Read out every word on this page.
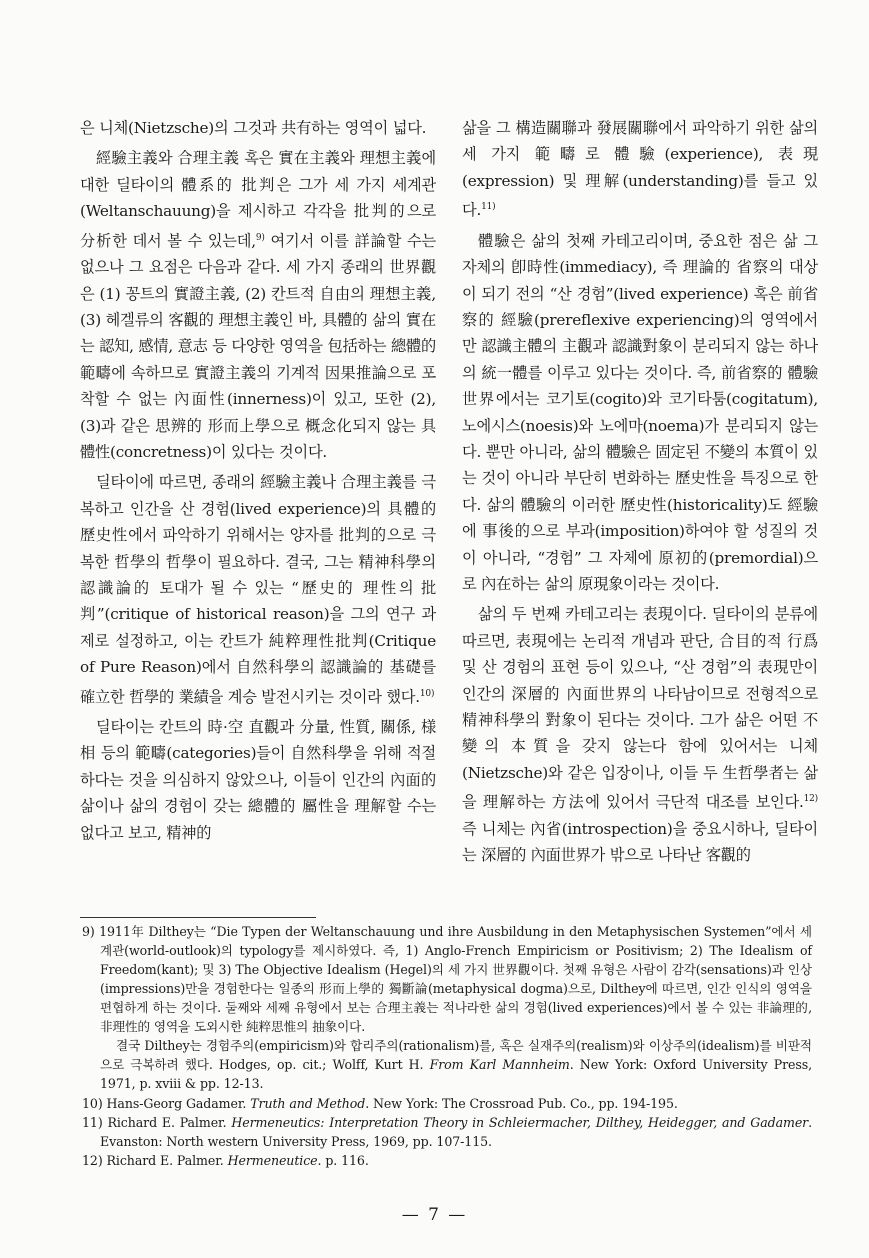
은 니체(Nietzsche)의 그것과 共有하는 영역이 넓다.

經驗主義와 合理主義 혹은 實在主義와 理想主義에 대한 딜타이의 體系的 批判은 그가 세 가지 세계관(Weltanschauung)을 제시하고 각각을 批判的으로 分析한 데서 볼 수 있는데,$^{9)}$ 여기서 이를 詳論할 수는 없으나 그 요점은 다음과 같다. 세 가지 종래의 世界觀은 (1) 꽁트의 實證主義, (2) 칸트적 自由의 理想主義, (3) 헤겔류의 客觀的 理想主義인 바, 具體的 삶의 實在는 認知, 感情, 意志 등 다양한 영역을 包括하는 總體的 範疇에 속하므로 實證主義의 기계적 因果推論으로 포착할 수 없는 內面性(innerness)이 있고, 또한 (2), (3)과 같은 思辨的 形而上學으로 概念化되지 않는 具體性(concretness)이 있다는 것이다.

딜타이에 따르면, 종래의 經驗主義나 合理主義를 극복하고 인간을 산 경험(lived experience)의 具體的 歷史性에서 파악하기 위해서는 양자를 批判的으로 극복한 哲學의 哲學이 필요하다. 결국, 그는 精神科學의 認識論的 토대가 될 수 있는 “歷史的 理性의 批判”(critique of historical reason)을 그의 연구 과제로 설정하고, 이는 칸트가 純粹理性批判(Critique of Pure Reason)에서 自然科學의 認識論的 基礎를 確立한 哲學的 業績을 계승 발전시키는 것이라 했다.$^{10)}$

딜타이는 칸트의 時·空 直觀과 分量, 性質, 關係, 様相 등의 範疇(categories)들이 自然科學을 위해 적절하다는 것을 의심하지 않았으나, 이들이 인간의 內面的 삶이나 삶의 경험이 갖는 總體的 屬性을 理解할 수는 없다고 보고, 精神的

삶을 그 構造關聯과 發展關聯에서 파악하기 위한 삶의 세 가지 範疇로 體驗(experience), 表現(expression) 및 理解(understanding)를 들고 있다.$^{11)}$

體驗은 삶의 첫째 카테고리이며, 중요한 점은 삶 그 자체의 卽時性(immediacy), 즉 理論的 省察의 대상이 되기 전의 “산 경험”(lived experience) 혹은 前省察的 經驗(prereflexive experiencing)의 영역에서만 認識主體의 主觀과 認識對象이 분리되지 않는 하나의 統一體를 이루고 있다는 것이다. 즉, 前省察的 體驗世界에서는 코기토(cogito)와 코기타툼(cogitatum), 노에시스(noesis)와 노에마(noema)가 분리되지 않는다. 뿐만 아니라, 삶의 體驗은 固定된 不變의 本質이 있는 것이 아니라 부단히 변화하는 歷史性을 특징으로 한다. 삶의 體驗의 이러한 歷史性(historicality)도 經驗에 事後的으로 부과(imposition)하여야 할 성질의 것이 아니라, “경험” 그 자체에 原初的(premordial)으로 內在하는 삶의 原現象이라는 것이다.

삶의 두 번째 카테고리는 表現이다. 딜타이의 분류에 따르면, 表現에는 논리적 개념과 판단, 合目的적 行爲 및 산 경험의 표현 등이 있으나, “산 경험”의 表現만이 인간의 深層的 內面世界의 나타남이므로 전형적으로 精神科學의 對象이 된다는 것이다. 그가 삶은 어떤 不變의 本質을 갖지 않는다 함에 있어서는 니체(Nietzsche)와 같은 입장이나, 이들 두 生哲學者는 삶을 理解하는 方法에 있어서 극단적 대조를 보인다.$^{12)}$ 즉 니체는 內省(introspection)을 중요시하나, 딜타이는 深層的 內面世界가 밖으로 나타난 客觀的

9) 1911年 Dilthey는 “Die Typen der Weltanschauung und ihre Ausbildung in den Metaphysischen Systemen”에서 세계관(world-outlook)의 typology를 제시하였다. 즉, 1) Anglo-French Empiricism or Positivism; 2) The Idealism of Freedom(kant); 및 3) The Objective Idealism (Hegel)의 세 가지 世界觀이다. 첫째 유형은 사람이 감각(sensations)과 인상(impressions)만을 경험한다는 일종의 形而上學的 獨斷論(metaphysical dogma)으로, Dilthey에 따르면, 인간 인식의 영역을 편협하게 하는 것이다. 둘째와 세째 유형에서 보는 合理主義는 적나라한 삶의 경험(lived experiences)에서 볼 수 있는 非論理的, 非理性的 영역을 도외시한 純粹思惟의 抽象이다.

결국 Dilthey는 경험주의(empiricism)와 합리주의(rationalism)를, 혹은 실재주의(realism)와 이상주의(idealism)를 비판적으로 극복하려 했다. Hodges, op. cit.; Wolff, Kurt H. From Karl Mannheim. New York: Oxford University Press, 1971, p. xviii & pp. 12-13.

10) Hans-Georg Gadamer. Truth and Method. New York: The Crossroad Pub. Co., pp. 194-195.

11) Richard E. Palmer. Hermeneutics: Interpretation Theory in Schleiermacher, Dilthey, Heidegger, and Gadamer. Evanston: North western University Press, 1969, pp. 107-115.

12) Richard E. Palmer. Hermeneutice. p. 116.

— 7 —
